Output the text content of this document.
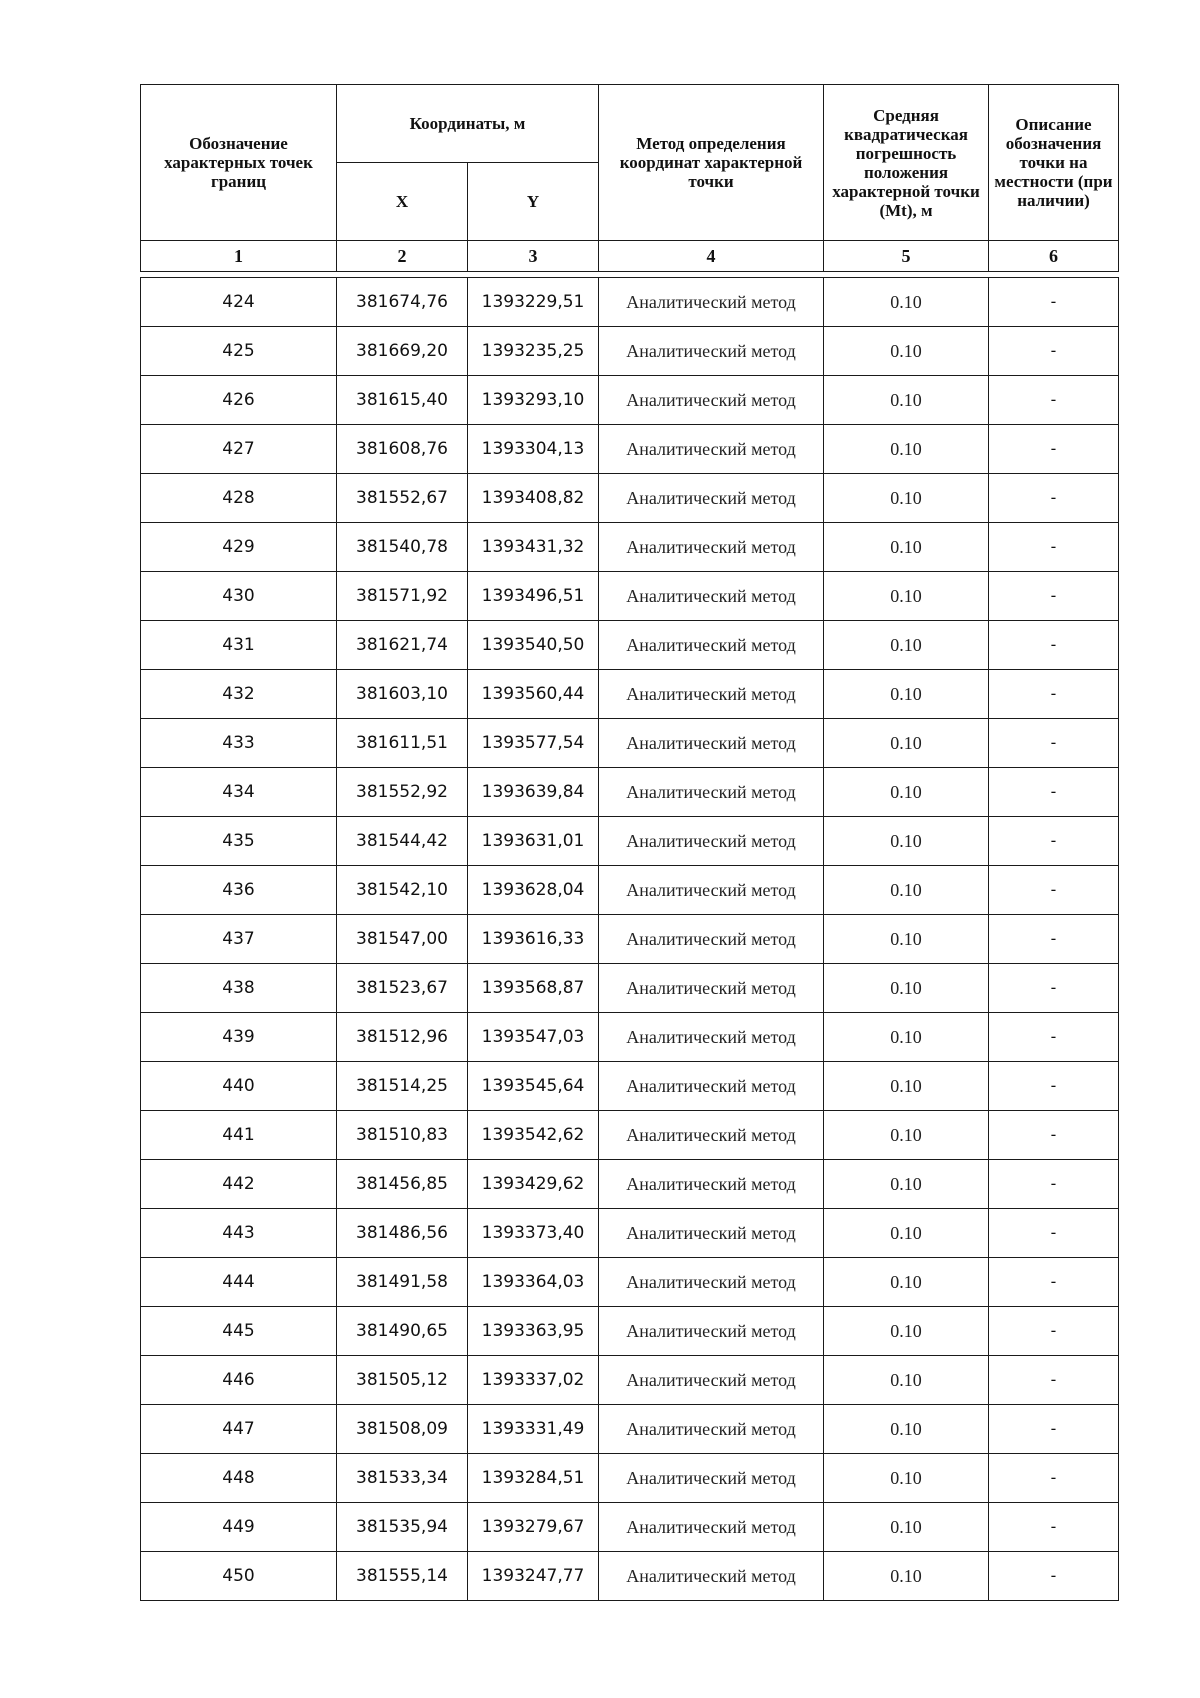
Обозначение характерных точек границ	Координаты, м		Метод определения координат характерной точки	Средняя квадратическая погрешность положения характерной точки (Mt), м	Описание обозначения точки на местности (при наличии)
	X	Y			
1	2	3	4	5	6
424	381674,76	1393229,51	Аналитический метод	0.10	-
425	381669,20	1393235,25	Аналитический метод	0.10	-
426	381615,40	1393293,10	Аналитический метод	0.10	-
427	381608,76	1393304,13	Аналитический метод	0.10	-
428	381552,67	1393408,82	Аналитический метод	0.10	-
429	381540,78	1393431,32	Аналитический метод	0.10	-
430	381571,92	1393496,51	Аналитический метод	0.10	-
431	381621,74	1393540,50	Аналитический метод	0.10	-
432	381603,10	1393560,44	Аналитический метод	0.10	-
433	381611,51	1393577,54	Аналитический метод	0.10	-
434	381552,92	1393639,84	Аналитический метод	0.10	-
435	381544,42	1393631,01	Аналитический метод	0.10	-
436	381542,10	1393628,04	Аналитический метод	0.10	-
437	381547,00	1393616,33	Аналитический метод	0.10	-
438	381523,67	1393568,87	Аналитический метод	0.10	-
439	381512,96	1393547,03	Аналитический метод	0.10	-
440	381514,25	1393545,64	Аналитический метод	0.10	-
441	381510,83	1393542,62	Аналитический метод	0.10	-
442	381456,85	1393429,62	Аналитический метод	0.10	-
443	381486,56	1393373,40	Аналитический метод	0.10	-
444	381491,58	1393364,03	Аналитический метод	0.10	-
445	381490,65	1393363,95	Аналитический метод	0.10	-
446	381505,12	1393337,02	Аналитический метод	0.10	-
447	381508,09	1393331,49	Аналитический метод	0.10	-
448	381533,34	1393284,51	Аналитический метод	0.10	-
449	381535,94	1393279,67	Аналитический метод	0.10	-
450	381555,14	1393247,77	Аналитический метод	0.10	-
